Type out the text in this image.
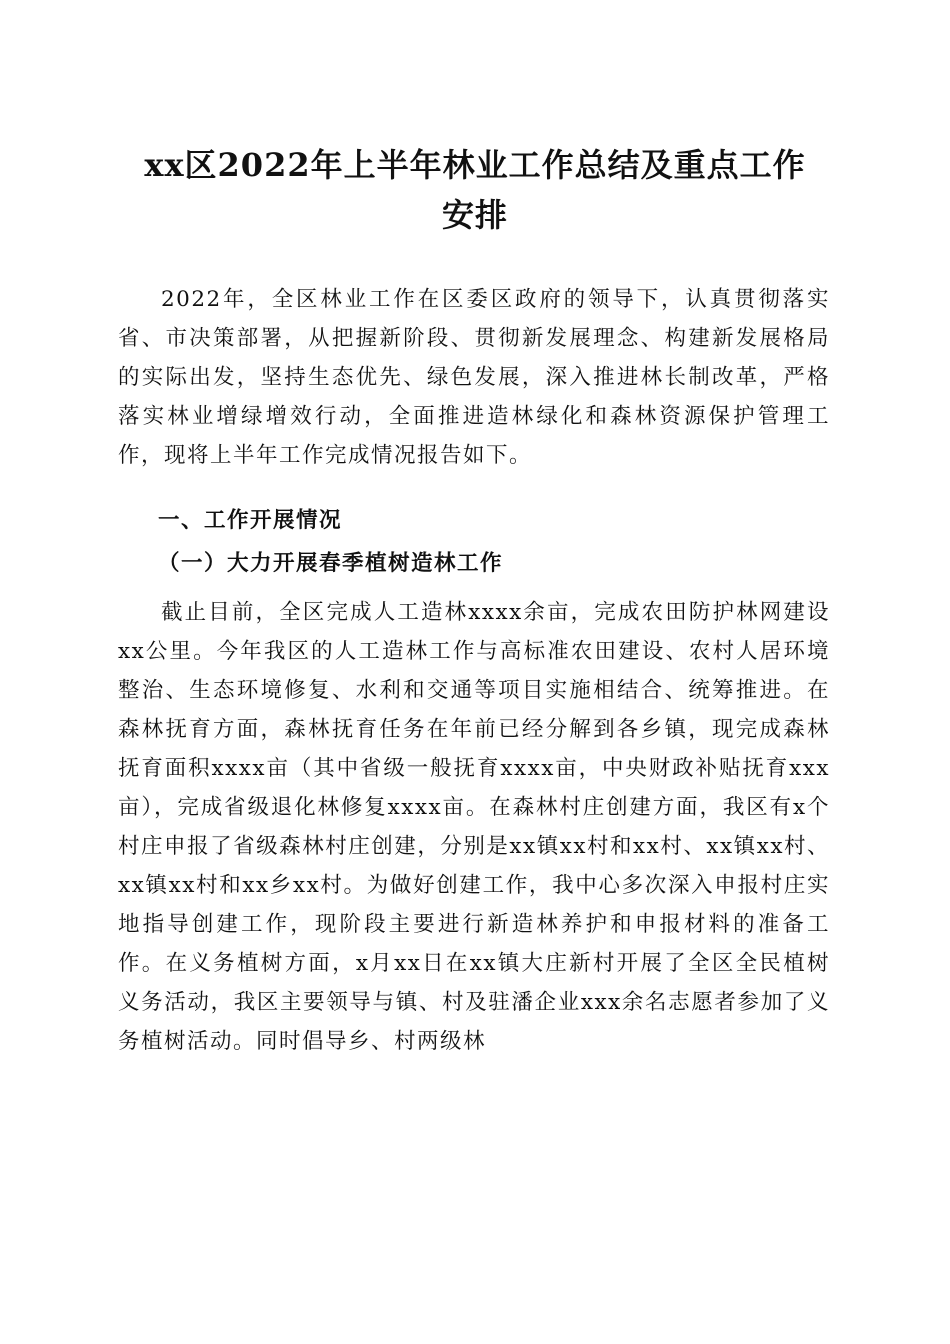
xx区2022年上半年林业工作总结及重点工作
安排

2022年，全区林业工作在区委区政府的领导下，认真贯彻落实省、市决策部署，从把握新阶段、贯彻新发展理念、构建新发展格局的实际出发，坚持生态优先、绿色发展，深入推进林长制改革，严格落实林业增绿增效行动，全面推进造林绿化和森林资源保护管理工作，现将上半年工作完成情况报告如下。

一、工作开展情况
（一）大力开展春季植树造林工作

截止目前，全区完成人工造林xxxx余亩，完成农田防护林网建设xx公里。今年我区的人工造林工作与高标准农田建设、农村人居环境整治、生态环境修复、水利和交通等项目实施相结合、统筹推进。在森林抚育方面，森林抚育任务在年前已经分解到各乡镇，现完成森林抚育面积xxxx亩（其中省级一般抚育xxxx亩，中央财政补贴抚育xxx亩），完成省级退化林修复xxxx亩。在森林村庄创建方面，我区有x个村庄申报了省级森林村庄创建，分别是xx镇xx村和xx村、xx镇xx村、xx镇xx村和xx乡xx村。为做好创建工作，我中心多次深入申报村庄实地指导创建工作，现阶段主要进行新造林养护和申报材料的准备工作。在义务植树方面，x月xx日在xx镇大庄新村开展了全区全民植树义务活动，我区主要领导与镇、村及驻潘企业xxx余名志愿者参加了义务植树活动。同时倡导乡、村两级林
